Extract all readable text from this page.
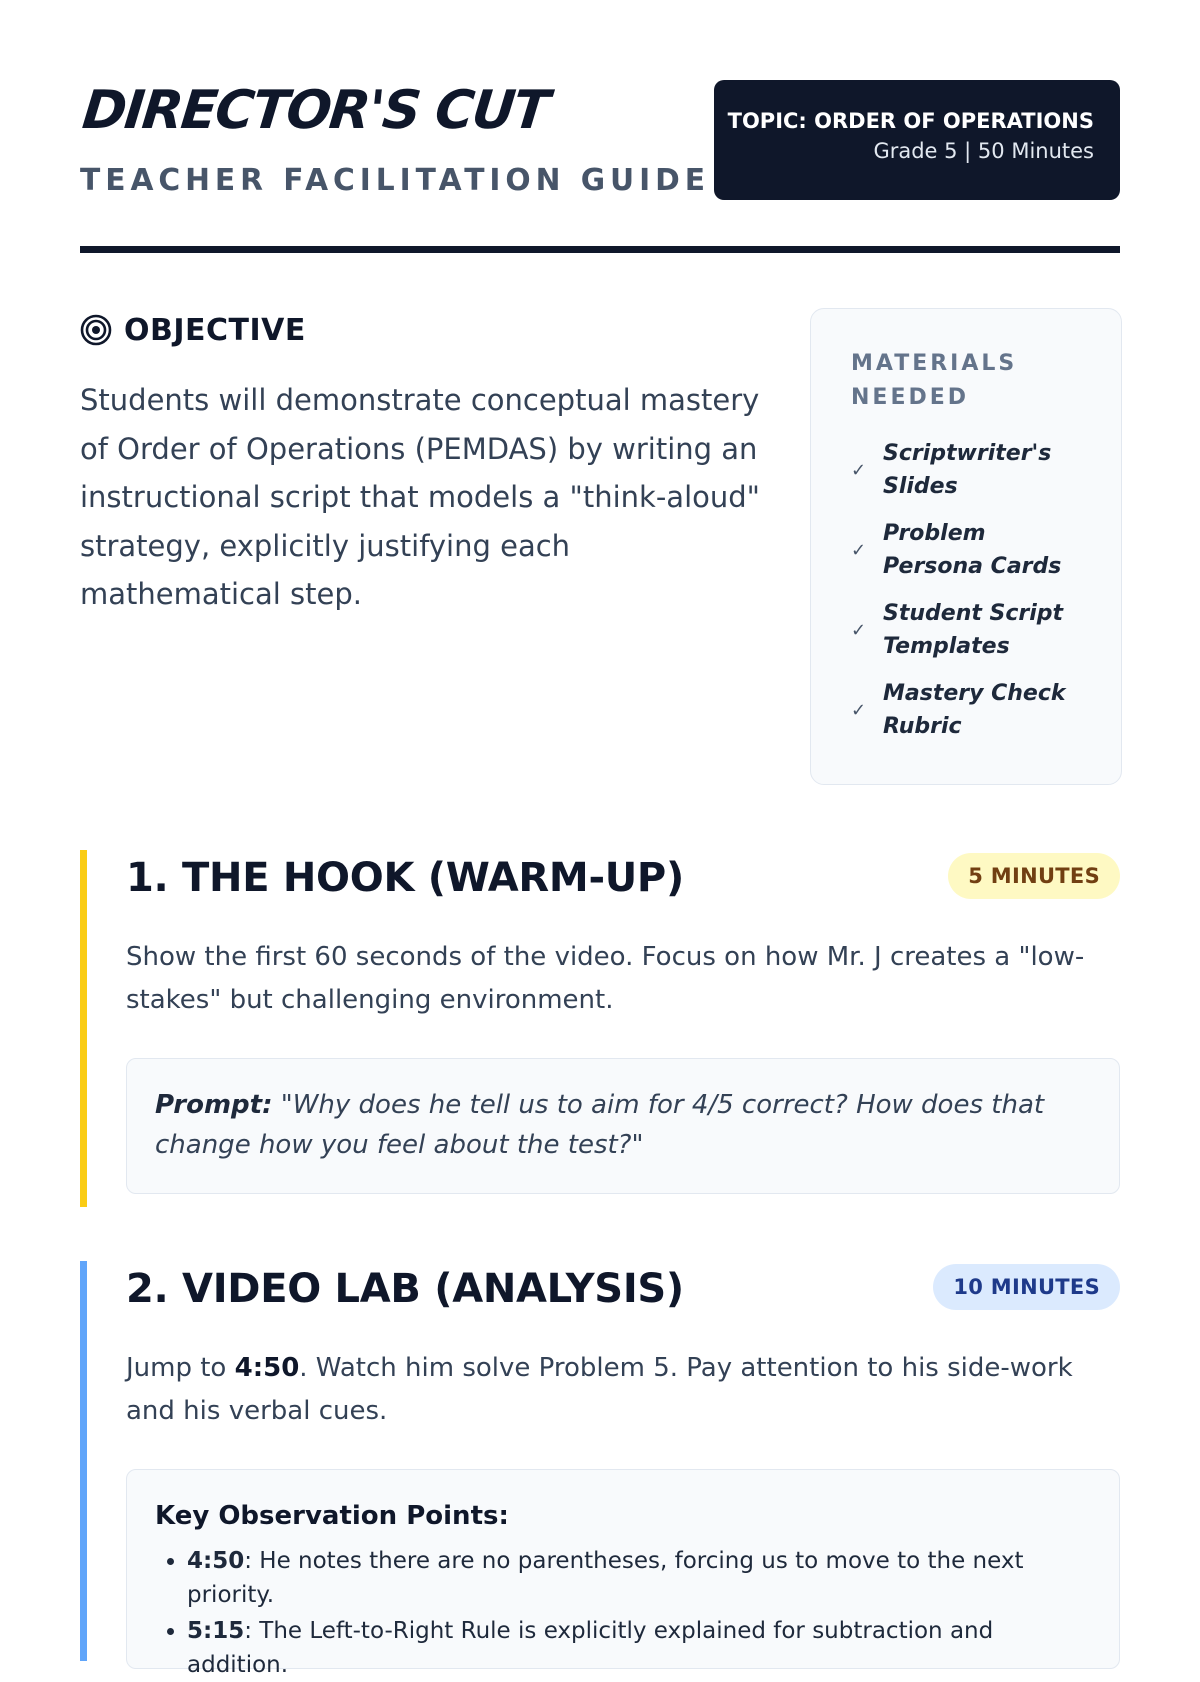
DIRECTOR'S CUT
TEACHER FACILITATION GUIDE
TOPIC: ORDER OF OPERATIONS
Grade 5 | 50 Minutes
OBJECTIVE

Students will demonstrate conceptual mastery of Order of Operations (PEMDAS) by writing an instructional script that models a "think-aloud" strategy, explicitly justifying each mathematical step.

MATERIALS NEEDED
✓
Scriptwriter's Slides
✓
Problem Persona Cards
✓
Student Script Templates
✓
Mastery Check Rubric
1. THE HOOK (WARM-UP)	5 MINUTES

Show the first 60 seconds of the video. Focus on how Mr. J creates a "low-stakes" but challenging environment.

Prompt: "Why does he tell us to aim for 4/5 correct? How does that change how you feel about the test?"
2. VIDEO LAB (ANALYSIS)	10 MINUTES

Jump to 4:50. Watch him solve Problem 5. Pay attention to his side-work and his verbal cues.

Key Observation Points:
• 4:50: He notes there are no parentheses, forcing us to move to the next priority.
• 5:15: The Left-to-Right Rule is explicitly explained for subtraction and addition.
